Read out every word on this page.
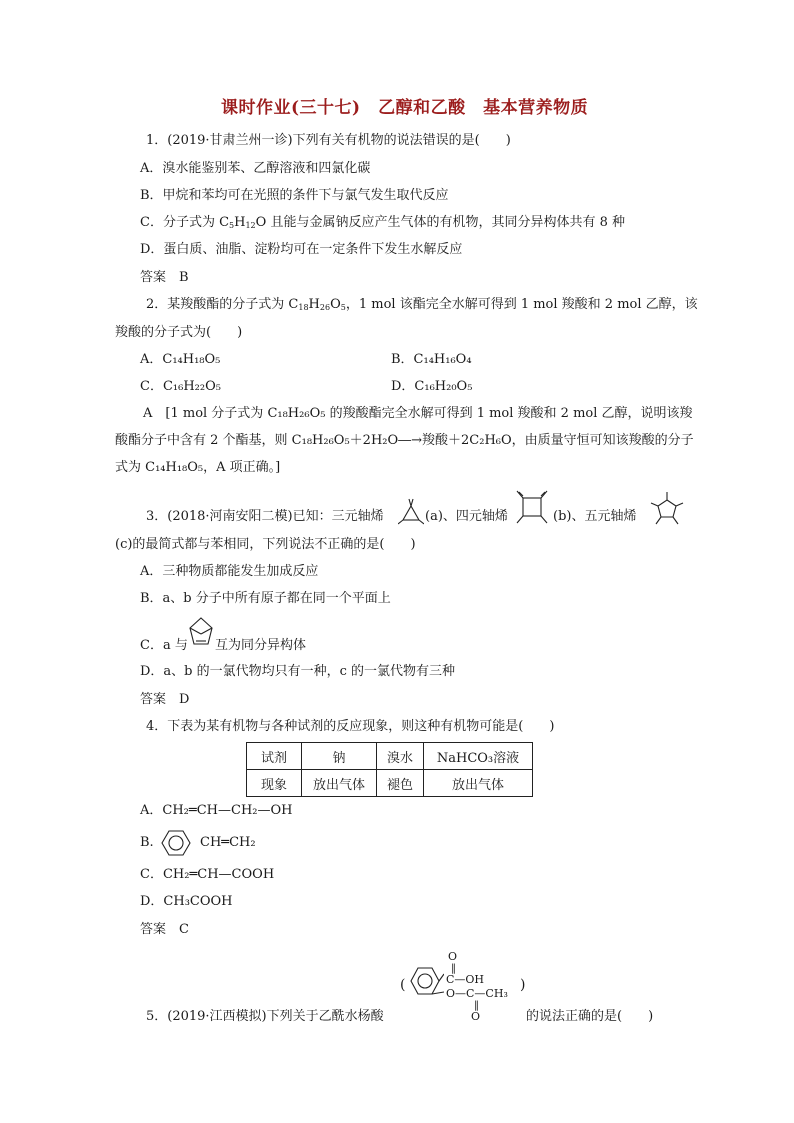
课时作业(三十七)　乙醇和乙酸　基本营养物质
1．(2019·甘肃兰州一诊)下列有关有机物的说法错误的是(　　)
A．溴水能鉴别苯、乙醇溶液和四氯化碳
B．甲烷和苯均可在光照的条件下与氯气发生取代反应
C．分子式为 $C_5H_{12}O$ 且能与金属钠反应产生气体的有机物，其同分异构体共有 8 种
D．蛋白质、油脂、淀粉均可在一定条件下发生水解反应
答案　B
2．某羧酸酯的分子式为 $C_{18}H_{26}O_5$，1 mol 该酯完全水解可得到 1 mol 羧酸和 2 mol 乙醇，该
羧酸的分子式为(　　)
A．C₁₄H₁₈O₅	B．C₁₄H₁₆O₄
C．C₁₆H₂₂O₅	D．C₁₆H₂₀O₅
A　[1 mol 分子式为 C₁₈H₂₆O₅ 的羧酸酯完全水解可得到 1 mol 羧酸和 2 mol 乙醇，说明该羧
酸酯分子中含有 2 个酯基，则 C₁₈H₂₆O₅＋2H₂O―→羧酸＋2C₂H₆O，由质量守恒可知该羧酸的分子
式为 C₁₄H₁₈O₅，A 项正确。]
3．(2018·河南安阳二模)已知：三元轴烯	(a)、四元轴烯	(b)、五元轴烯
(c)的最简式都与苯相同，下列说法不正确的是(　　)
A．三种物质都能发生加成反应
B．a、b 分子中所有原子都在同一个平面上
C．a 与 互为同分异构体
D．a、b 的一氯代物均只有一种，c 的一氯代物有三种
答案　D
4．下表为某有机物与各种试剂的反应现象，则这种有机物可能是(　　)
试剂	钠	溴水	NaHCO₃溶液
现象	放出气体	褪色	放出气体
A．CH₂═CH—CH₂—OH
B.	CH═CH₂
C．CH₂═CH—COOH
D．CH₃COOH
答案　C
5．(2019·江西模拟)下列关于乙酰水杨酸
(
O
‖
C—OH
O—C—CH₃
‖
O
)
的说法正确的是(　　)
